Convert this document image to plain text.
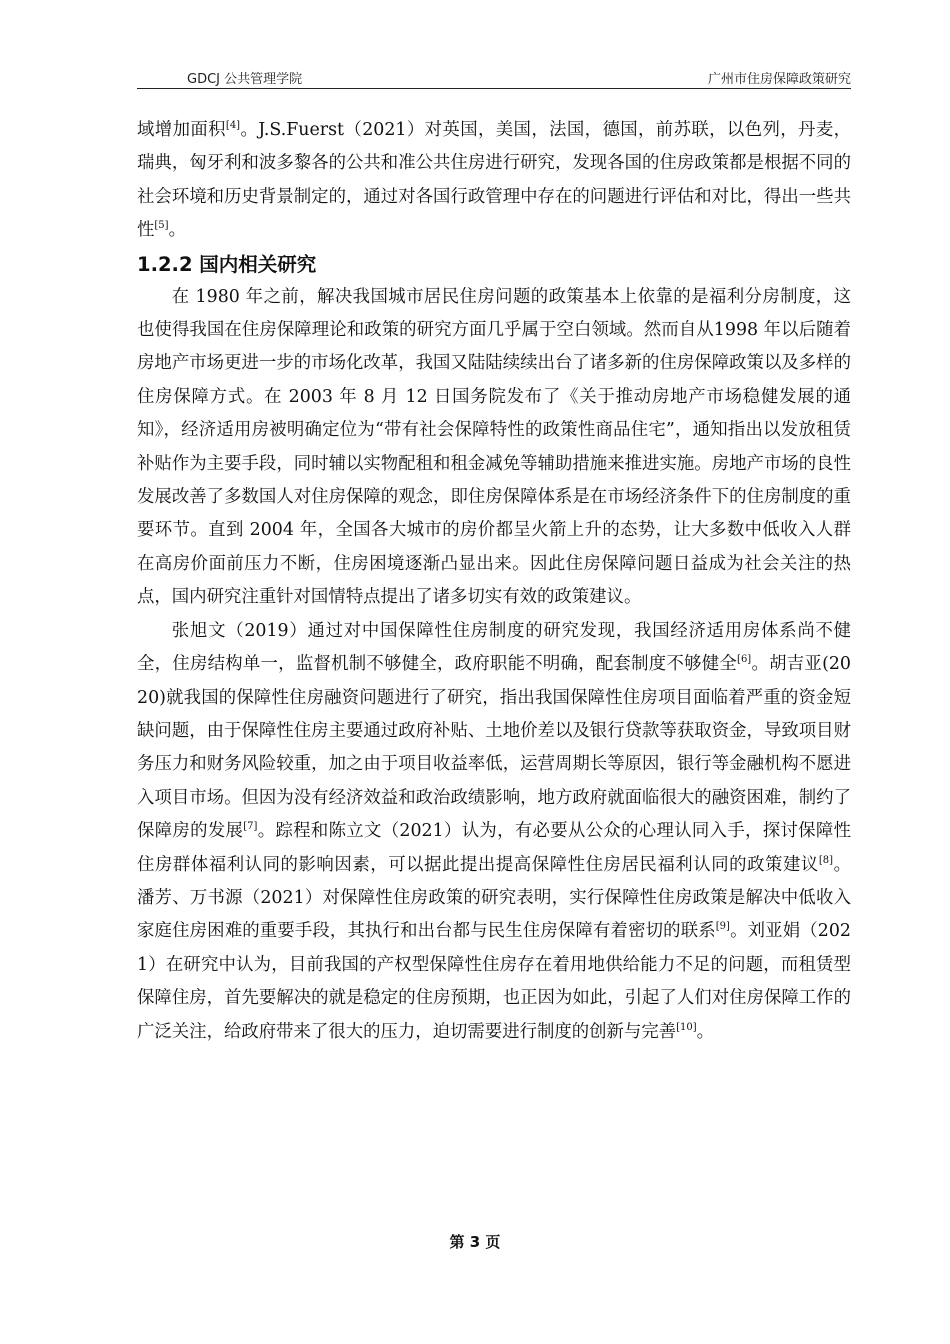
GDCJ 公共管理学院	广州市住房保障政策研究

域增加面积[4]。J.S.Fuerst（2021）对英国，美国，法国，德国，前苏联，以色列，丹麦，瑞典，匈牙利和波多黎各的公共和准公共住房进行研究，发现各国的住房政策都是根据不同的社会环境和历史背景制定的，通过对各国行政管理中存在的问题进行评估和对比，得出一些共性[5]。

1.2.2 国内相关研究

在 1980 年之前，解决我国城市居民住房问题的政策基本上依靠的是福利分房制度，这也使得我国在住房保障理论和政策的研究方面几乎属于空白领域。然而自从1998 年以后随着房地产市场更进一步的市场化改革，我国又陆陆续续出台了诸多新的住房保障政策以及多样的住房保障方式。在 2003 年 8 月 12 日国务院发布了《关于推动房地产市场稳健发展的通知》，经济适用房被明确定位为“带有社会保障特性的政策性商品住宅”，通知指出以发放租赁补贴作为主要手段，同时辅以实物配租和租金减免等辅助措施来推进实施。房地产市场的良性发展改善了多数国人对住房保障的观念，即住房保障体系是在市场经济条件下的住房制度的重要环节。直到 2004 年，全国各大城市的房价都呈火箭上升的态势，让大多数中低收入人群在高房价面前压力不断，住房困境逐渐凸显出来。因此住房保障问题日益成为社会关注的热点，国内研究注重针对国情特点提出了诸多切实有效的政策建议。

张旭文（2019）通过对中国保障性住房制度的研究发现，我国经济适用房体系尚不健全，住房结构单一，监督机制不够健全，政府职能不明确，配套制度不够健全[6]。胡吉亚(2020)就我国的保障性住房融资问题进行了研究，指出我国保障性住房项目面临着严重的资金短缺问题，由于保障性住房主要通过政府补贴、土地价差以及银行贷款等获取资金，导致项目财务压力和财务风险较重，加之由于项目收益率低，运营周期长等原因，银行等金融机构不愿进入项目市场。但因为没有经济效益和政治政绩影响，地方政府就面临很大的融资困难，制约了保障房的发展[7]。踪程和陈立文（2021）认为，有必要从公众的心理认同入手，探讨保障性住房群体福利认同的影响因素，可以据此提出提高保障性住房居民福利认同的政策建议[8]。 潘芳、万书源（2021）对保障性住房政策的研究表明，实行保障性住房政策是解决中低收入家庭住房困难的重要手段，其执行和出台都与民生住房保障有着密切的联系[9]。刘亚娟（2021）在研究中认为，目前我国的产权型保障性住房存在着用地供给能力不足的问题，而租赁型保障住房，首先要解决的就是稳定的住房预期，也正因为如此，引起了人们对住房保障工作的广泛关注，给政府带来了很大的压力，迫切需要进行制度的创新与完善[10]。

第 3 页
